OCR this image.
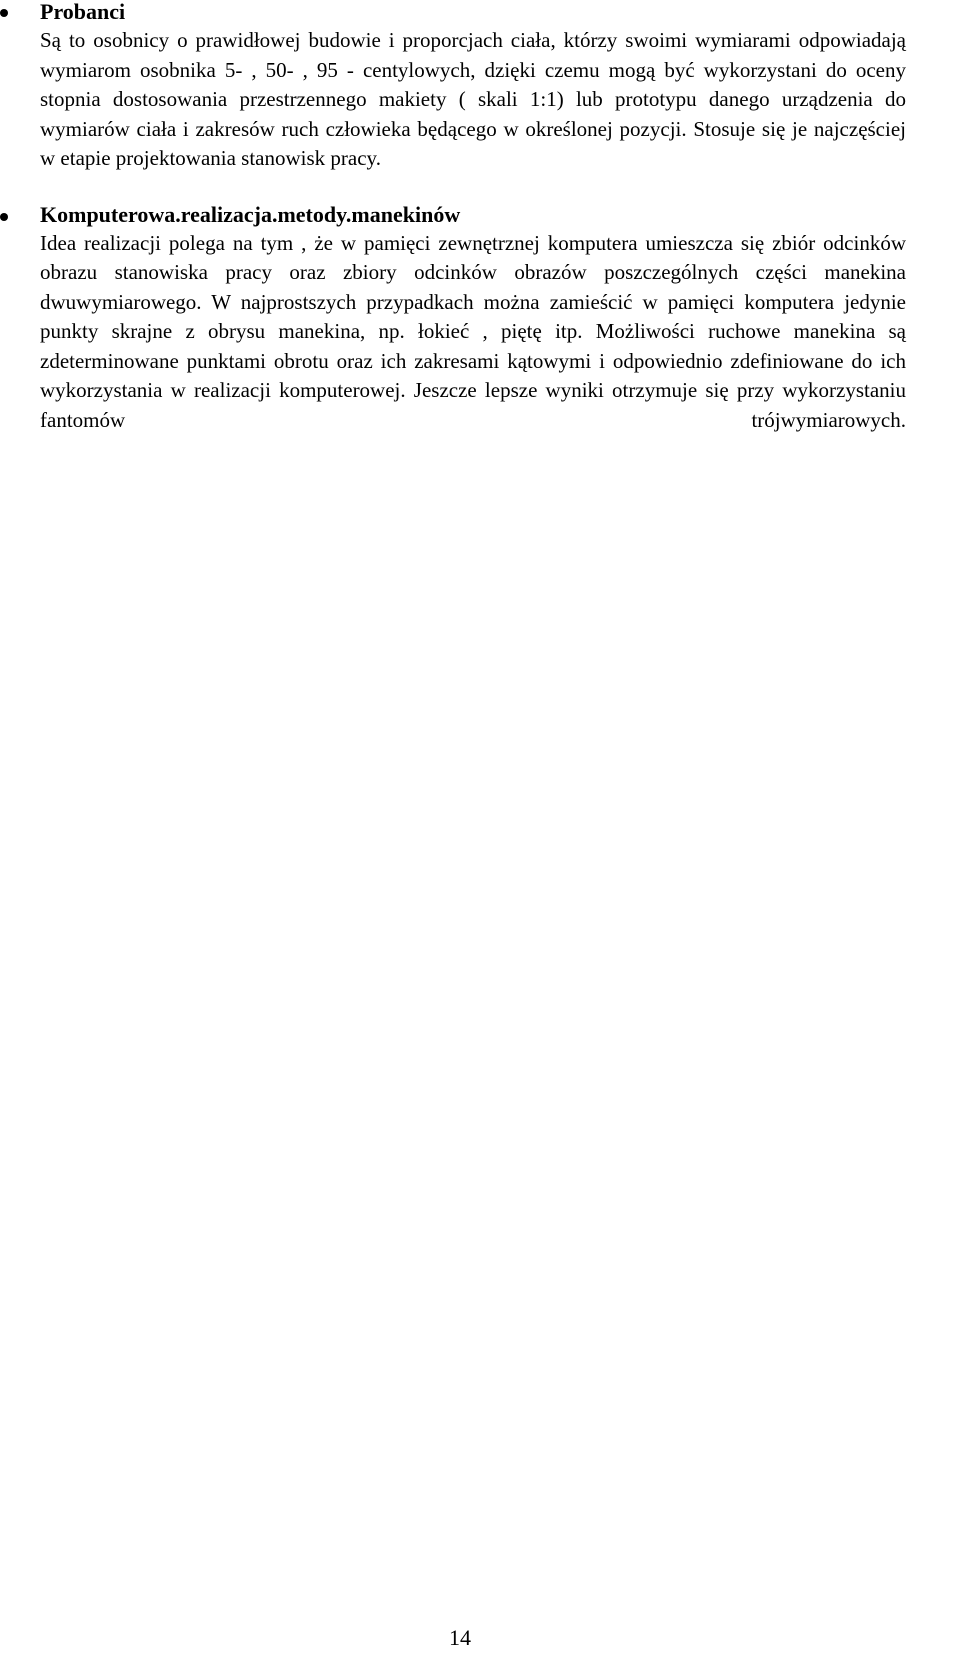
Probanci

Są to osobnicy o prawidłowej budowie i proporcjach ciała, którzy swoimi wymiarami odpowiadają wymiarom osobnika 5- , 50- , 95 - centylowych, dzięki czemu mogą być wykorzystani do oceny stopnia dostosowania przestrzennego makiety ( skali 1:1) lub prototypu danego urządzenia do wymiarów ciała i zakresów ruch człowieka będącego w określonej pozycji. Stosuje się je najczęściej w etapie projektowania stanowisk pracy.

Komputerowa.realizacja.metody.manekinów

Idea realizacji polega na tym , że w pamięci zewnętrznej komputera umieszcza się zbiór odcinków obrazu stanowiska pracy oraz zbiory odcinków obrazów poszczególnych części manekina dwuwymiarowego. W najprostszych przypadkach można zamieścić w pamięci komputera jedynie punkty skrajne z obrysu manekina, np. łokieć , piętę itp. Możliwości ruchowe manekina są zdeterminowane punktami obrotu oraz ich zakresami kątowymi i odpowiednio zdefiniowane do ich wykorzystania w realizacji komputerowej. Jeszcze lepsze wyniki otrzymuje się przy wykorzystaniu fantomów trójwymiarowych.

14
